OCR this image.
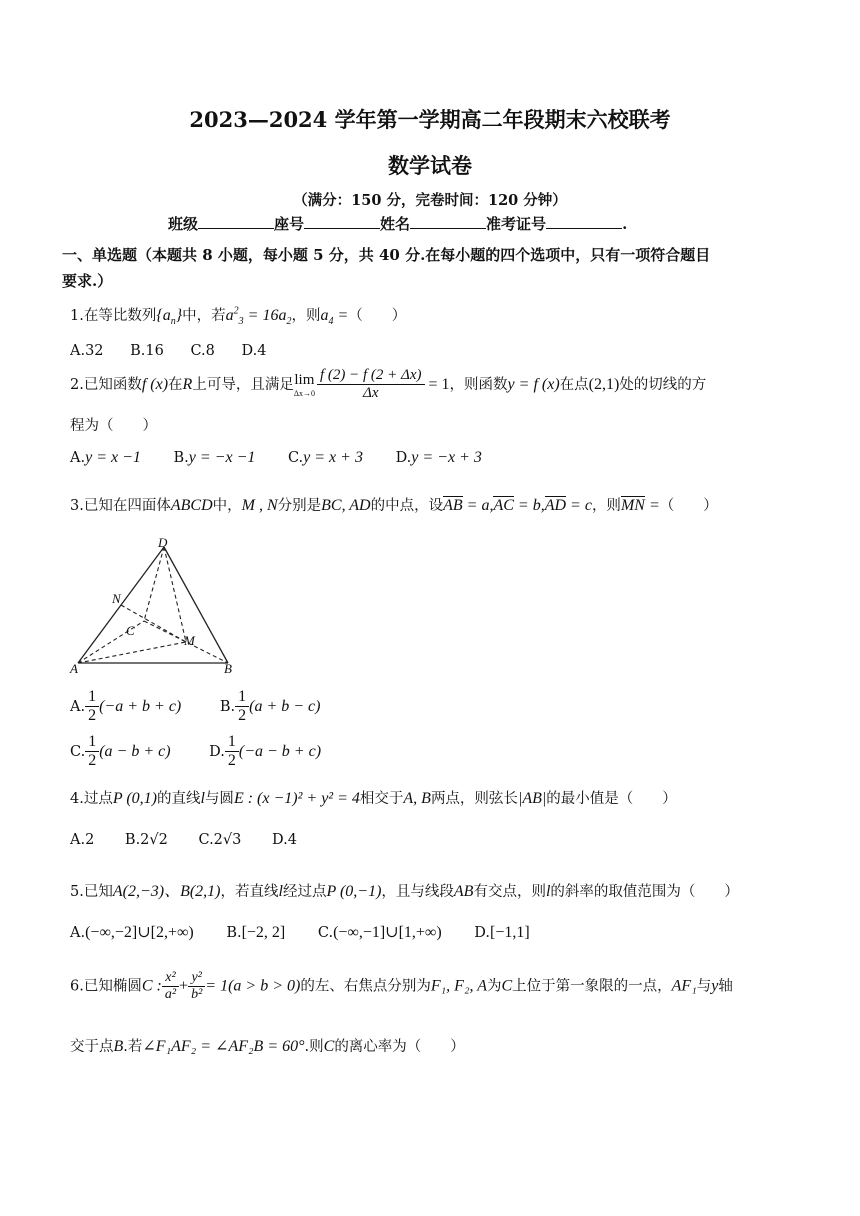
2023—2024 学年第一学期高二年段期末六校联考
数学试卷
（满分：150 分，完卷时间：120 分钟）
班级	座号	姓名	准考证号	.
一、单选题（本题共 8 小题，每小题 5 分，共 40 分.在每小题的四个选项中，只有一项符合题目
要求.）
1.在等比数列$\{a_n\}$中，若$a^2_3 = 16a_2$，则$a_4$ =（　　）
A.32 B.16 C.8 D.4
2.已知函数f (x)在R上可导，且满足 lim
$\Delta x\to 0 \frac{f (2) - f (2 + \Delta x)}{\Delta x} = 1$，则函数y = f (x)在点(2,1)处的切线的方
程为（　　）
A.y = x −1 B.y = −x −1 C.y = x + 3 D.y = −x + 3
3.已知在四面体ABCD中，M , N分别是BC, AD的中点，设AB = a,AC = b,AD = c，则MN =（　　）
D
N
C
M
A	B
A. $\frac{1}{2} (-a + b + c)$	B. $\frac{1}{2} (a + b - c)$
C. $\frac{1}{2} (a - b + c)$	D. $\frac{1}{2} (-a - b + c)$
4.过点P (0,1)的直线l与圆E : (x −1)² + y² = 4相交于A, B两点，则弦长|AB|的最小值是（　　）
A.2 B.2√2 C.2√3 D.4
5.已知A(2,−3)、B(2,1)，若直线l经过点P (0,−1)，且与线段AB有交点，则l的斜率的取值范围为（　　）
A.(−∞,−2]∪[2,+∞) B.[−2, 2] C.(−∞,−1]∪[1,+∞) D.[−1,1]
6.已知椭圆C : $\frac{\text{x²}}{\text{a²}} + \frac{\text{y²}}{\text{b²}} = 1(a > b > 0)$的左、右焦点分别为F₁, F₂, A为C上位于第一象限的一点，AF₁与y轴
交于点B.若∠F₁AF₂ = ∠AF₂B = 60°.则C的离心率为（　　）
